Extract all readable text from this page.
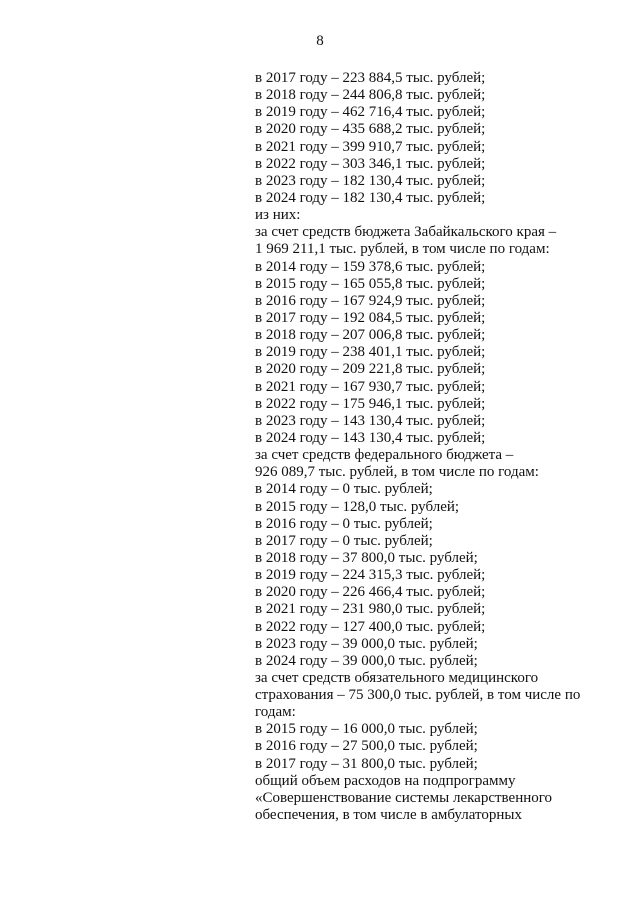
8
в 2017 году – 223 884,5 тыс. рублей;
в 2018 году – 244 806,8 тыс. рублей;
в 2019 году – 462 716,4 тыс. рублей;
в 2020 году – 435 688,2 тыс. рублей;
в 2021 году – 399 910,7 тыс. рублей;
в 2022 году – 303 346,1 тыс. рублей;
в 2023 году – 182 130,4 тыс. рублей;
в 2024 году – 182 130,4 тыс. рублей;
из них:
за счет средств бюджета Забайкальского края –
1 969 211,1 тыс. рублей, в том числе по годам:
в 2014 году – 159 378,6 тыс. рублей;
в 2015 году – 165 055,8 тыс. рублей;
в 2016 году – 167 924,9 тыс. рублей;
в 2017 году – 192 084,5 тыс. рублей;
в 2018 году – 207 006,8 тыс. рублей;
в 2019 году – 238 401,1 тыс. рублей;
в 2020 году – 209 221,8 тыс. рублей;
в 2021 году – 167 930,7 тыс. рублей;
в 2022 году – 175 946,1 тыс. рублей;
в 2023 году – 143 130,4 тыс. рублей;
в 2024 году – 143 130,4 тыс. рублей;
за счет средств федерального бюджета –
926 089,7 тыс. рублей, в том числе по годам:
в 2014 году – 0 тыс. рублей;
в 2015 году – 128,0 тыс. рублей;
в 2016 году – 0 тыс. рублей;
в 2017 году – 0 тыс. рублей;
в 2018 году – 37 800,0 тыс. рублей;
в 2019 году – 224 315,3 тыс. рублей;
в 2020 году – 226 466,4 тыс. рублей;
в 2021 году – 231 980,0 тыс. рублей;
в 2022 году – 127 400,0 тыс. рублей;
в 2023 году – 39 000,0 тыс. рублей;
в 2024 году – 39 000,0 тыс. рублей;
за счет средств обязательного медицинского
страхования – 75 300,0 тыс. рублей, в том числе по
годам:
в 2015 году – 16 000,0 тыс. рублей;
в 2016 году – 27 500,0 тыс. рублей;
в 2017 году – 31 800,0 тыс. рублей;
общий объем расходов на подпрограмму
«Совершенствование системы лекарственного
обеспечения, в том числе в амбулаторных
